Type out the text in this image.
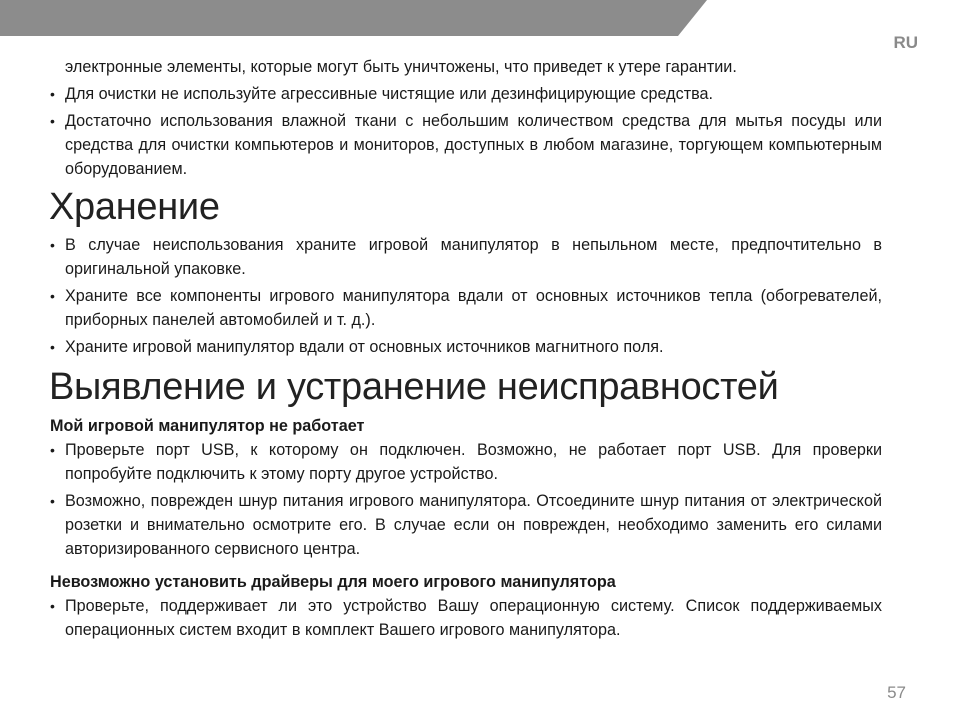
RU
электронные элементы, которые могут быть уничтожены, что приведет к утере гарантии.
• Для очистки не используйте агрессивные чистящие или дезинфицирующие средства.
• Достаточно использования влажной ткани с небольшим количеством средства для мытья посуды или средства для очистки компьютеров и мониторов, доступных в любом магазине, торгующем компьютерным оборудованием.
Хранение
• В случае неиспользования храните игровой манипулятор в непыльном месте, предпочтительно в оригинальной упаковке.
• Храните все компоненты игрового манипулятора вдали от основных источников тепла (обогревателей, приборных панелей автомобилей и т. д.).
• Храните игровой манипулятор вдали от основных источников магнитного поля.
Выявление и устранение неисправностей
Мой игровой манипулятор не работает
• Проверьте порт USB, к которому он подключен. Возможно, не работает порт USB. Для проверки попробуйте подключить к этому порту другое устройство.
• Возможно, поврежден шнур питания игрового манипулятора. Отсоедините шнур питания от электрической розетки и внимательно осмотрите его. В случае если он поврежден, необходимо заменить его силами авторизированного сервисного центра.
Невозможно установить драйверы для моего игрового манипулятора
• Проверьте, поддерживает ли это устройство Вашу операционную систему. Список поддерживаемых операционных систем входит в комплект Вашего игрового манипулятора.
57
